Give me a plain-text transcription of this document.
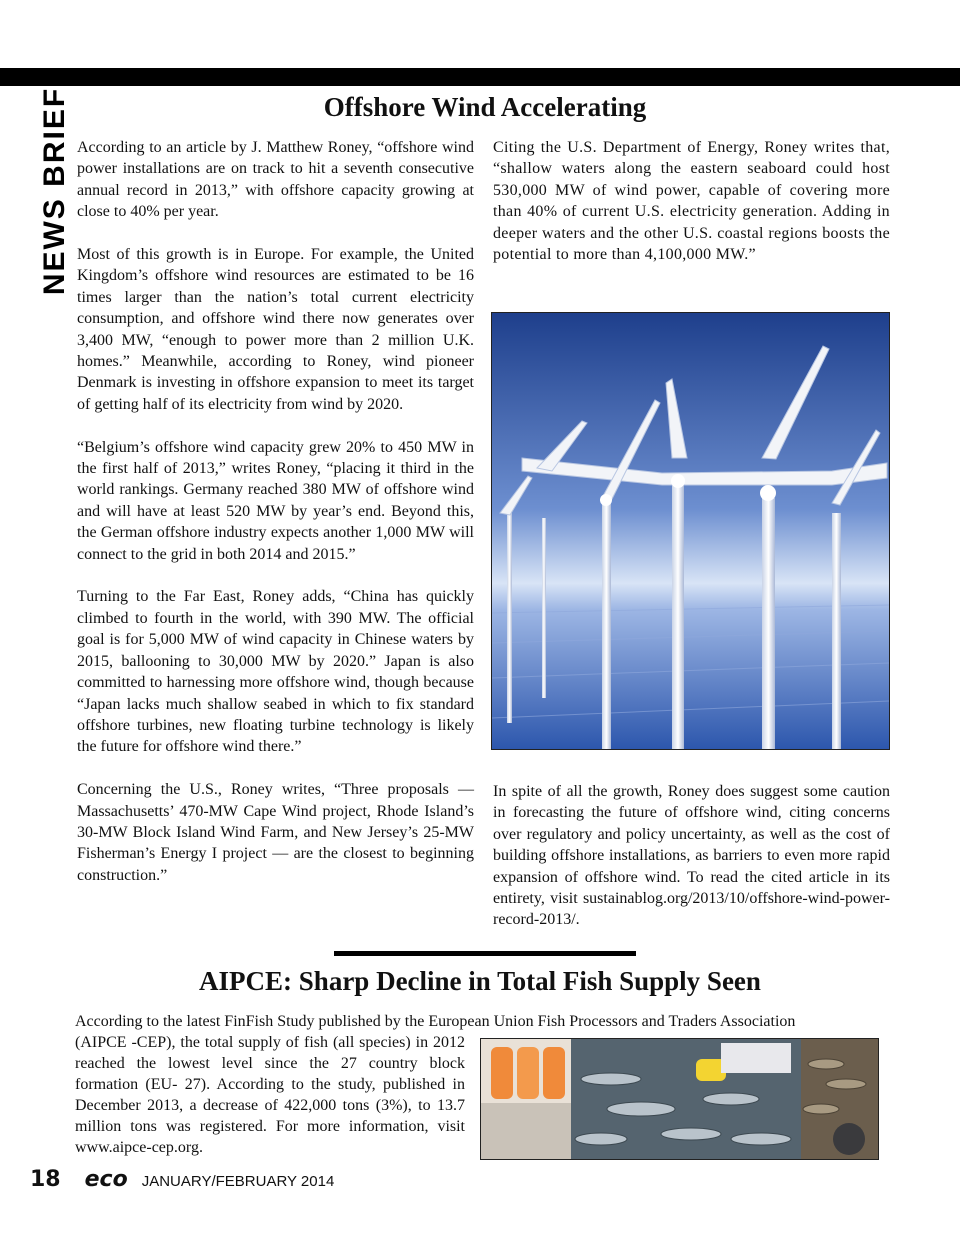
NEWS BRIEFS	Offshore Wind Accelerating

According to an article by J. Matthew Roney, “offshore wind power installations are on track to hit a seventh consecutive annual record in 2013,” with offshore capacity growing at close to 40% per year.

Most of this growth is in Europe. For example, the United Kingdom’s offshore wind resources are estimated to be 16 times larger than the nation’s total current electricity consumption, and offshore wind there now generates over 3,400 MW, “enough to power more than 2 million U.K. homes.” Meanwhile, according to Roney, wind pioneer Denmark is investing in offshore expansion to meet its target of getting half of its electricity from wind by 2020.

“Belgium’s offshore wind capacity grew 20% to 450 MW in the first half of 2013,” writes Roney, “placing it third in the world rankings. Germany reached 380 MW of offshore wind and will have at least 520 MW by year’s end. Beyond this, the German offshore industry expects another 1,000 MW will connect to the grid in both 2014 and 2015.”

Turning to the Far East, Roney adds, “China has quickly climbed to fourth in the world, with 390 MW. The official goal is for 5,000 MW of wind capacity in Chinese waters by 2015, ballooning to 30,000 MW by 2020.” Japan is also committed to harnessing more offshore wind, though because “Japan lacks much shallow seabed in which to fix standard offshore turbines, new floating turbine technology is likely the future for offshore wind there.”

Concerning the U.S., Roney writes, “Three proposals — Massachusetts’ 470-MW Cape Wind project, Rhode Island’s 30-MW Block Island Wind Farm, and New Jersey’s 25-MW Fisherman’s Energy I project — are the closest to beginning construction.”

Citing the U.S. Department of Energy, Roney writes that, “shallow waters along the eastern seaboard could host 530,000 MW of wind power, capable of covering more than 40% of current U.S. electricity generation. Adding in deeper waters and the other U.S. coastal regions boosts the potential to more than 4,100,000 MW.”

In spite of all the growth, Roney does suggest some caution in forecasting the future of offshore wind, citing concerns over regulatory and policy uncertainty, as well as the cost of building offshore installations, as barriers to even more rapid expansion of offshore wind. To read the cited article in its entirety, visit sustainablog.org/2013/10/offshore-wind-power-record-2013/.

AIPCE: Sharp Decline in Total Fish Supply Seen
According to the latest FinFish Study published by the European Union Fish Processors and Traders Association
(AIPCE -CEP), the total supply of fish (all species) in 2012 reached the lowest level since the 27 country block formation (EU- 27). According to the study, published in December 2013, a decrease of 422,000 tons (3%), to 13.7 million tons was registered. For more information, visit www.aipce-cep.org.
18 eco JANUARY/FEBRUARY 2014
